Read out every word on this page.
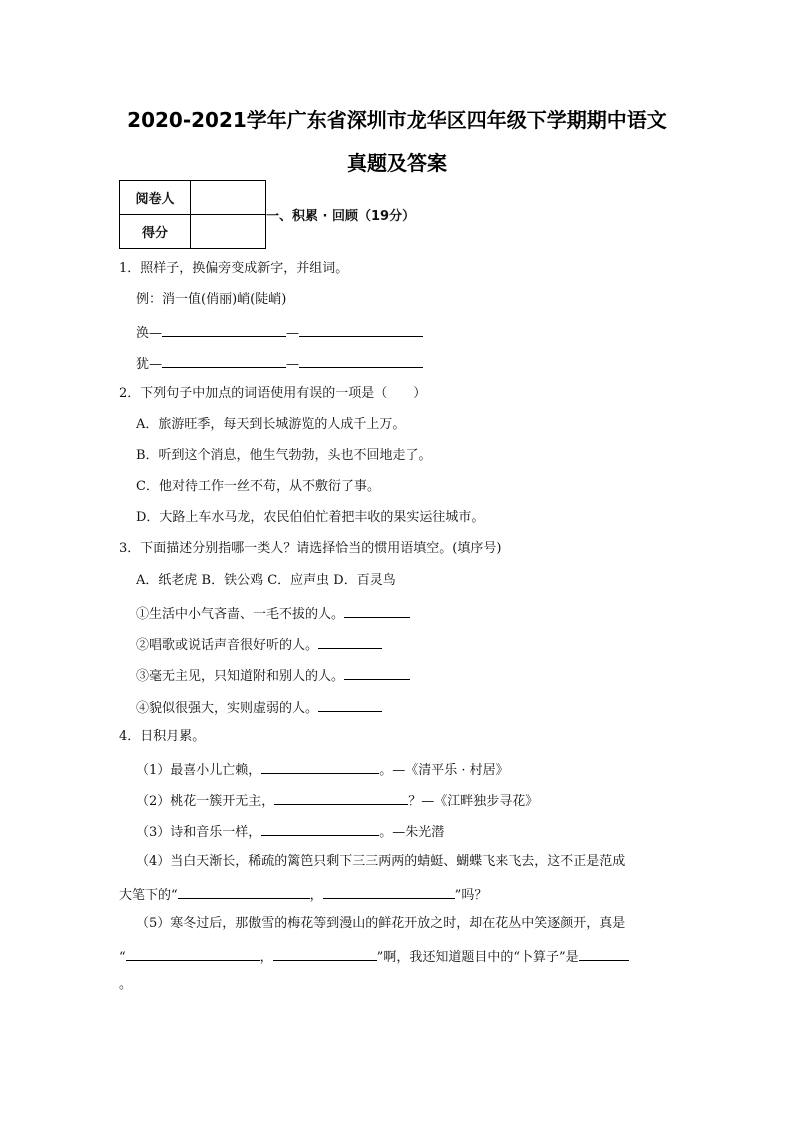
2020-2021学年广东省深圳市龙华区四年级下学期期中语文
真题及答案
阅卷人	
得分	
一、积累 · 回顾（19分）
1．照样子，换偏旁变成新字，并组词。
例：消一值(俏丽)峭(陡峭)
涣—	—
犹—	—
2．下列句子中加点的词语使用有误的一项是（　　）
A．旅游旺季，每天到长城游览的人成千上万。
B．听到这个消息，他生气勃勃，头也不回地走了。
C．他对待工作一丝不苟，从不敷衍了事。
D．大路上车水马龙，农民伯伯忙着把丰收的果实运往城市。
3．下面描述分别指哪一类人？请选择恰当的惯用语填空。(填序号)
A．纸老虎 B．铁公鸡 C．应声虫 D．百灵鸟
①生活中小气吝啬、一毛不拔的人。
②唱歌或说话声音很好听的人。
③毫无主见，只知道附和别人的人。
④貌似很强大，实则虚弱的人。
4．日积月累。
（1）最喜小儿亡赖，	。—《清平乐 · 村居》
（2）桃花一簇开无主，	？—《江畔独步寻花》
（3）诗和音乐一样，	。—朱光潜
（4）当白天渐长，稀疏的篱笆只剩下三三两两的蜻蜓、蝴蝶飞来飞去，这不正是范成
大笔下的“	，	”吗？
（5）寒冬过后，那傲雪的梅花等到漫山的鲜花开放之时，却在花丛中笑逐颜开，真是
“	，	”啊，我还知道题目中的“卜算子”是
。
